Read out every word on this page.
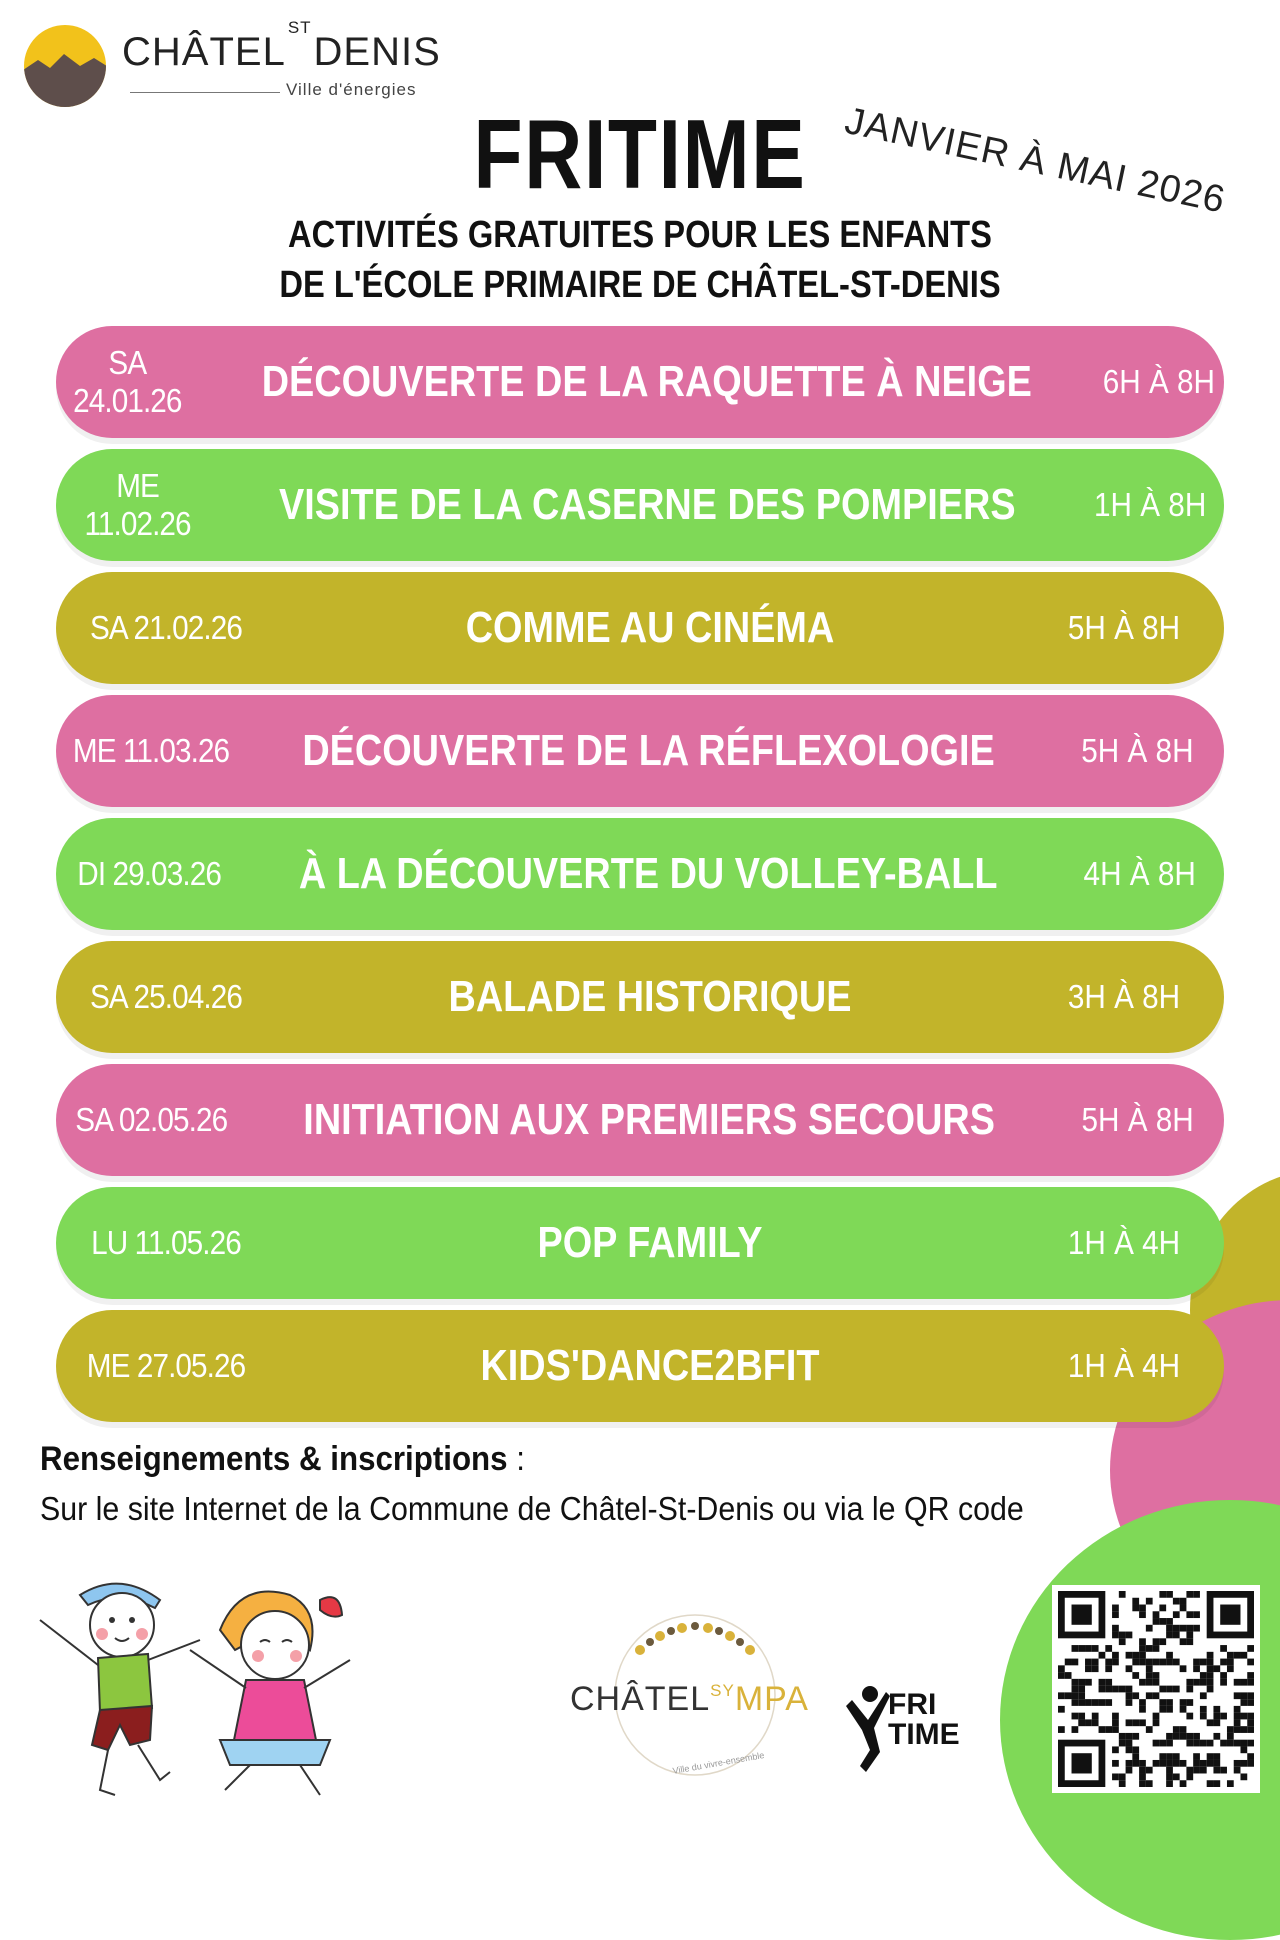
$CHÂTEL^{ST}DENIS$
Ville d'énergies
JANVIER À MAI 2026
FRITIME
ACTIVITÉS GRATUITES POUR LES ENFANTS
DE L'ÉCOLE PRIMAIRE DE CHÂTEL-ST-DENIS
SA 24.01.26 DÉCOUVERTE DE LA RAQUETTE À NEIGE 6H À 8H
ME 11.02.26	VISITE DE LA CASERNE DES POMPIERS	1H À 8H
SA 21.02.26	COMME AU CINÉMA	5H À 8H
ME 11.03.26 DÉCOUVERTE DE LA RÉFLEXOLOGIE	5H À 8H
DI 29.03.26 À LA DÉCOUVERTE DU VOLLEY-BALL	4H À 8H
SA 25.04.26	BALADE HISTORIQUE	3H À 8H
SA 02.05.26 INITIATION AUX PREMIERS SECOURS	5H À 8H
LU 11.05.26	POP FAMILY	1H À 4H
ME 27.05.26	KIDS'DANCE2BFIT	1H À 4H
Renseignements & inscriptions :
Sur le site Internet de la Commune de Châtel-St-Denis ou via le QR code
$CHÂTEL^{SY}MPA$
Ville du vivre-ensemble
FRI
TIME
